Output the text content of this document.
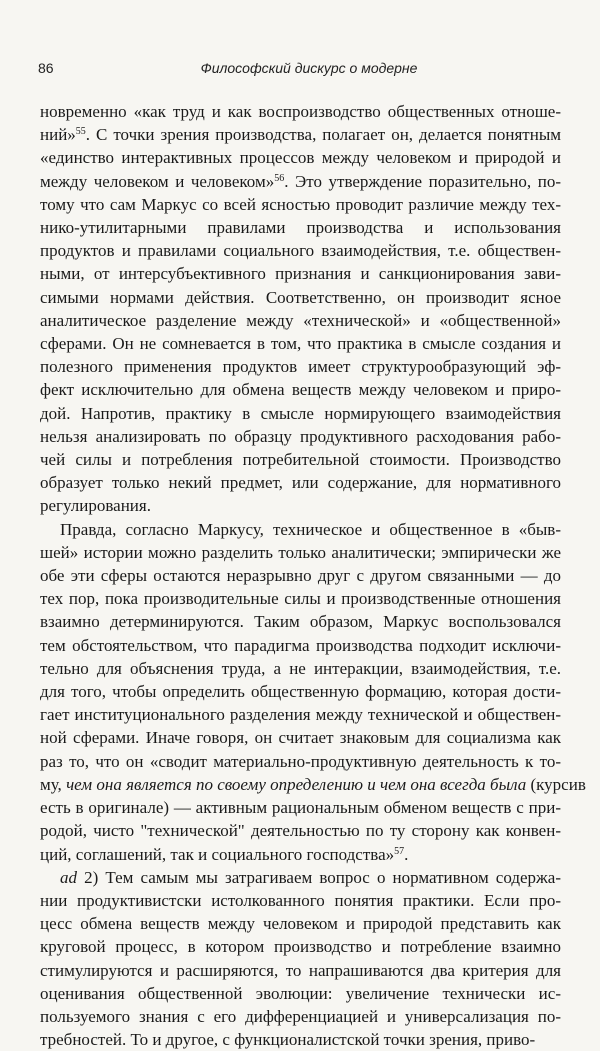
86	Философский дискурс о модерне
новременно «как труд и как воспроизводство общественных отноше-
ний»$^{55}$. С точки зрения производства, полагает он, делается понятным
«единство интерактивных процессов между человеком и природой и
между человеком и человеком»$^{56}$. Это утверждение поразительно, по-
тому что сам Маркус со всей ясностью проводит различие между тех-
нико-утилитарными правилами производства и использования
продуктов и правилами социального взаимодействия, т.е. обществен-
ными, от интерсубъективного признания и санкционирования зави-
симыми нормами действия. Соответственно, он производит ясное
аналитическое разделение между «технической» и «общественной»
сферами. Он не сомневается в том, что практика в смысле создания и
полезного применения продуктов имеет структурообразующий эф-
фект исключительно для обмена веществ между человеком и приро-
дой. Напротив, практику в смысле нормирующего взаимодействия
нельзя анализировать по образцу продуктивного расходования рабо-
чей силы и потребления потребительной стоимости. Производство
образует только некий предмет, или содержание, для нормативного
регулирования.
Правда, согласно Маркусу, техническое и общественное в «быв-
шей» истории можно разделить только аналитически; эмпирически же
обе эти сферы остаются неразрывно друг с другом связанными — до
тех пор, пока производительные силы и производственные отношения
взаимно детерминируются. Таким образом, Маркус воспользовался
тем обстоятельством, что парадигма производства подходит исключи-
тельно для объяснения труда, а не интеракции, взаимодействия, т.е.
для того, чтобы определить общественную формацию, которая дости-
гает институционального разделения между технической и обществен-
ной сферами. Иначе говоря, он считает знаковым для социализма как
раз то, что он «сводит материально-продуктивную деятельность к то-
му, чем она является по своему определению и чем она всегда была (курсив
есть в оригинале) — активным рациональным обменом веществ с при-
родой, чисто "технической" деятельностью по ту сторону как конвен-
ций, соглашений, так и социального господства»$^{57}$.
ad 2) Тем самым мы затрагиваем вопрос о нормативном содержа-
нии продуктивистски истолкованного понятия практики. Если про-
цесс обмена веществ между человеком и природой представить как
круговой процесс, в котором производство и потребление взаимно
стимулируются и расширяются, то напрашиваются два критерия для
оценивания общественной эволюции: увеличение технически ис-
пользуемого знания с его дифференциацией и универсализация по-
требностей. То и другое, с функционалистской точки зрения, приво-
